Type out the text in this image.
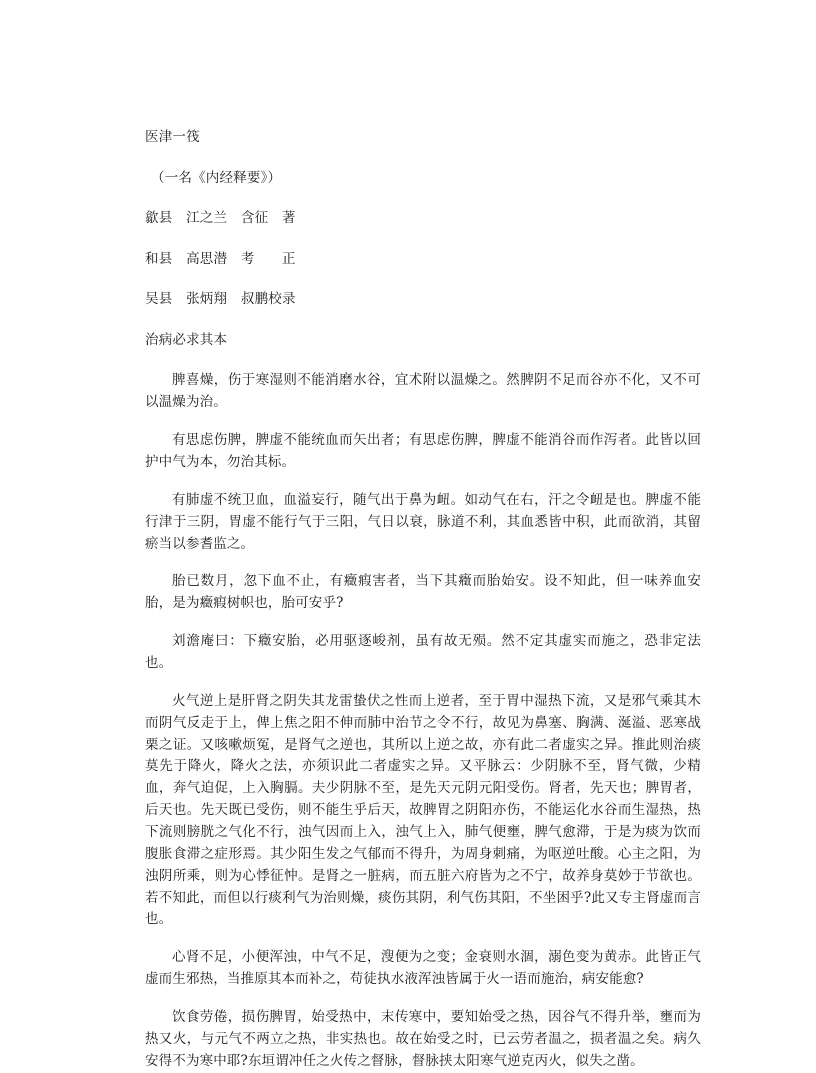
医津一筏
（一名《内经释要》）
歙县　江之兰　含征　著
和县　高思潜　考　　正
吴县　张炳翔　叔鹏校录
治病必求其本

脾喜燥，伤于寒湿则不能消磨水谷，宜术附以温燥之。然脾阴不足而谷亦不化，又不可以温燥为治。

有思虑伤脾，脾虚不能统血而矢出者；有思虑伤脾，脾虚不能消谷而作泻者。此皆以回护中气为本，勿治其标。

有肺虚不统卫血，血溢妄行，随气出于鼻为衄。如动气在右，汗之令衄是也。脾虚不能行津于三阴，胃虚不能行气于三阳，气日以衰，脉道不利，其血悉皆中积，此而欲消，其留瘀当以参耆监之。

胎已数月，忽下血不止，有癥瘕害者，当下其癥而胎始安。设不知此，但一味养血安胎，是为癥瘕树帜也，胎可安乎?

刘澹庵曰：下癥安胎，必用驱逐峻剂，虽有故无殒。然不定其虚实而施之，恐非定法也。

火气逆上是肝肾之阴失其龙雷蛰伏之性而上逆者，至于胃中湿热下流，又是邪气乘其木而阴气反走于上，俾上焦之阳不伸而肺中治节之令不行，故见为鼻塞、胸满、涎溢、恶寒战栗之证。又咳嗽烦冤，是肾气之逆也，其所以上逆之故，亦有此二者虚实之异。推此则治痰莫先于降火，降火之法，亦须识此二者虚实之异。又平脉云：少阴脉不至，肾气微，少精血，奔气迫促，上入胸膈。夫少阴脉不至，是先天元阴元阳受伤。肾者，先天也；脾胃者，后天也。先天既已受伤，则不能生乎后天，故脾胃之阴阳亦伤，不能运化水谷而生湿热，热下流则膀胱之气化不行，浊气因而上入，浊气上入，肺气便壅，脾气愈滞，于是为痰为饮而腹胀食滞之症形焉。其少阳生发之气郁而不得升，为周身刺痛，为呕逆吐酸。心主之阳，为浊阴所乘，则为心悸征忡。是肾之一脏病，而五脏六府皆为之不宁，故养身莫妙于节欲也。若不知此，而但以行痰利气为治则燥，痰伤其阴，利气伤其阳，不坐困乎?此又专主肾虚而言也。

心肾不足，小便浑浊，中气不足，溲便为之变；金衰则水涸，溺色变为黄赤。此皆正气虚而生邪热，当推原其本而补之，苟徒执水液浑浊皆属于火一语而施治，病安能愈?

饮食劳倦，损伤脾胃，始受热中，末传寒中，要知始受之热，因谷气不得升举，壅而为热又火，与元气不两立之热，非实热也。故在始受之时，已云劳者温之，损者温之矣。病久安得不为寒中耶?东垣谓冲任之火传之督脉，督脉挟太阳寒气逆克丙火，似失之凿。
